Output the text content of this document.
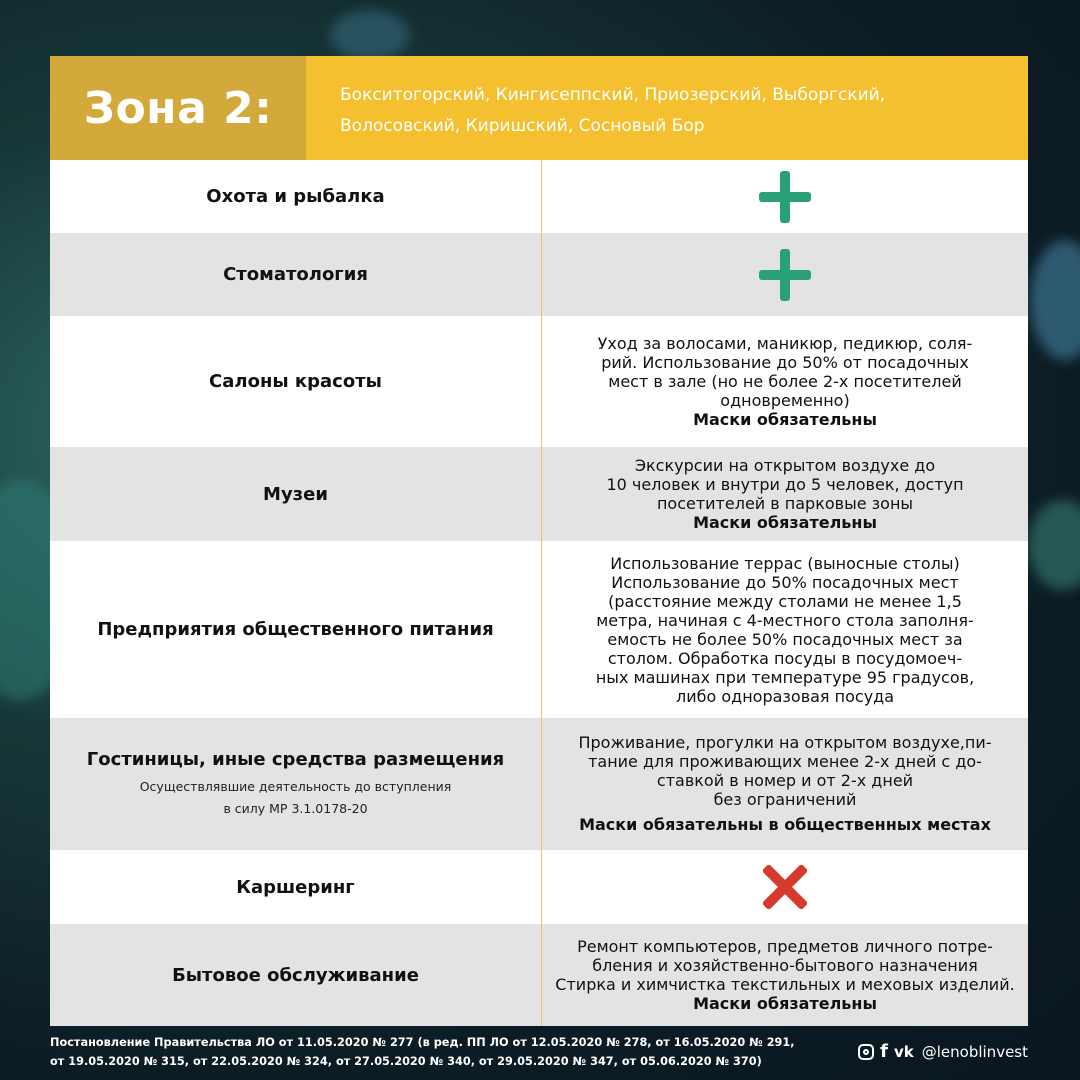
Зона 2:	Бокситогорский, Кингисеппский, Приозерский, Выборгский,
Волосовский, Киришский, Сосновый Бор
Охота и рыбалка
Стоматология
Салоны красоты
Уход за волосами, маникюр, педикюр, соля-
рий. Использование до 50% от посадочных
мест в зале (но не более 2-х посетителей
одновременно)
Маски обязательны
Музеи
Экскурсии на открытом воздухе до
10 человек и внутри до 5 человек, доступ
посетителей в парковые зоны
Маски обязательны
Предприятия общественного питания
Использование террас (выносные столы)
Использование до 50% посадочных мест
(расстояние между столами не менее 1,5
метра, начиная с 4-местного стола заполня-
емость не более 50% посадочных мест за
столом. Обработка посуды в посудомоеч-
ных машинах при температуре 95 градусов,
либо одноразовая посуда
Гостиницы, иные средства размещения
Осуществлявшие деятельность до вступления
в силу МР 3.1.0178-20
Проживание, прогулки на открытом воздухе,пи-
тание для проживающих менее 2-х дней с до-
ставкой в номер и от 2-х дней
без ограничений
Маски обязательны в общественных местах
Каршеринг
Бытовое обслуживание
Ремонт компьютеров, предметов личного потре-
бления и хозяйственно-бытового назначения
Стирка и химчистка текстильных и меховых изделий.
Маски обязательны
Постановление Правительства ЛО от 11.05.2020 № 277 (в ред. ПП ЛО от 12.05.2020 № 278, от 16.05.2020 № 291,
от 19.05.2020 № 315, от 22.05.2020 № 324, от 27.05.2020 № 340, от 29.05.2020 № 347, от 05.06.2020 № 370)	f vk @lenoblinvest
